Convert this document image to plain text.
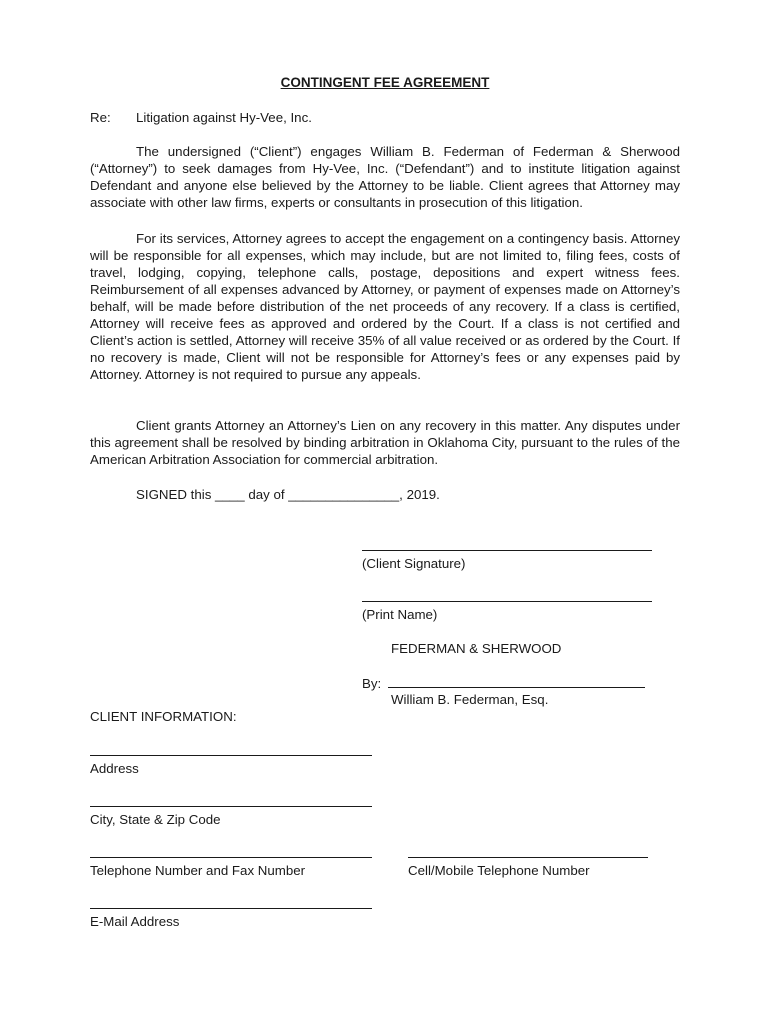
CONTINGENT FEE AGREEMENT
Re: Litigation against Hy-Vee, Inc.

The undersigned (“Client”) engages William B. Federman of Federman & Sherwood (“Attorney”) to seek damages from Hy-Vee, Inc. (“Defendant”) and to institute litigation against Defendant and anyone else believed by the Attorney to be liable. Client agrees that Attorney may associate with other law firms, experts or consultants in prosecution of this litigation.

For its services, Attorney agrees to accept the engagement on a contingency basis. Attorney will be responsible for all expenses, which may include, but are not limited to, filing fees, costs of travel, lodging, copying, telephone calls, postage, depositions and expert witness fees. Reimbursement of all expenses advanced by Attorney, or payment of expenses made on Attorney’s behalf, will be made before distribution of the net proceeds of any recovery. If a class is certified, Attorney will receive fees as approved and ordered by the Court. If a class is not certified and Client’s action is settled, Attorney will receive 35% of all value received or as ordered by the Court. If no recovery is made, Client will not be responsible for Attorney’s fees or any expenses paid by Attorney. Attorney is not required to pursue any appeals.

Client grants Attorney an Attorney’s Lien on any recovery in this matter. Any disputes under this agreement shall be resolved by binding arbitration in Oklahoma City, pursuant to the rules of the American Arbitration Association for commercial arbitration.

SIGNED this ____ day of _______________, 2019.
(Client Signature)
(Print Name)
FEDERMAN & SHERWOOD
By:
William B. Federman, Esq.
CLIENT INFORMATION:
Address
City, State & Zip Code
Telephone Number and Fax Number	Cell/Mobile Telephone Number
E-Mail Address
